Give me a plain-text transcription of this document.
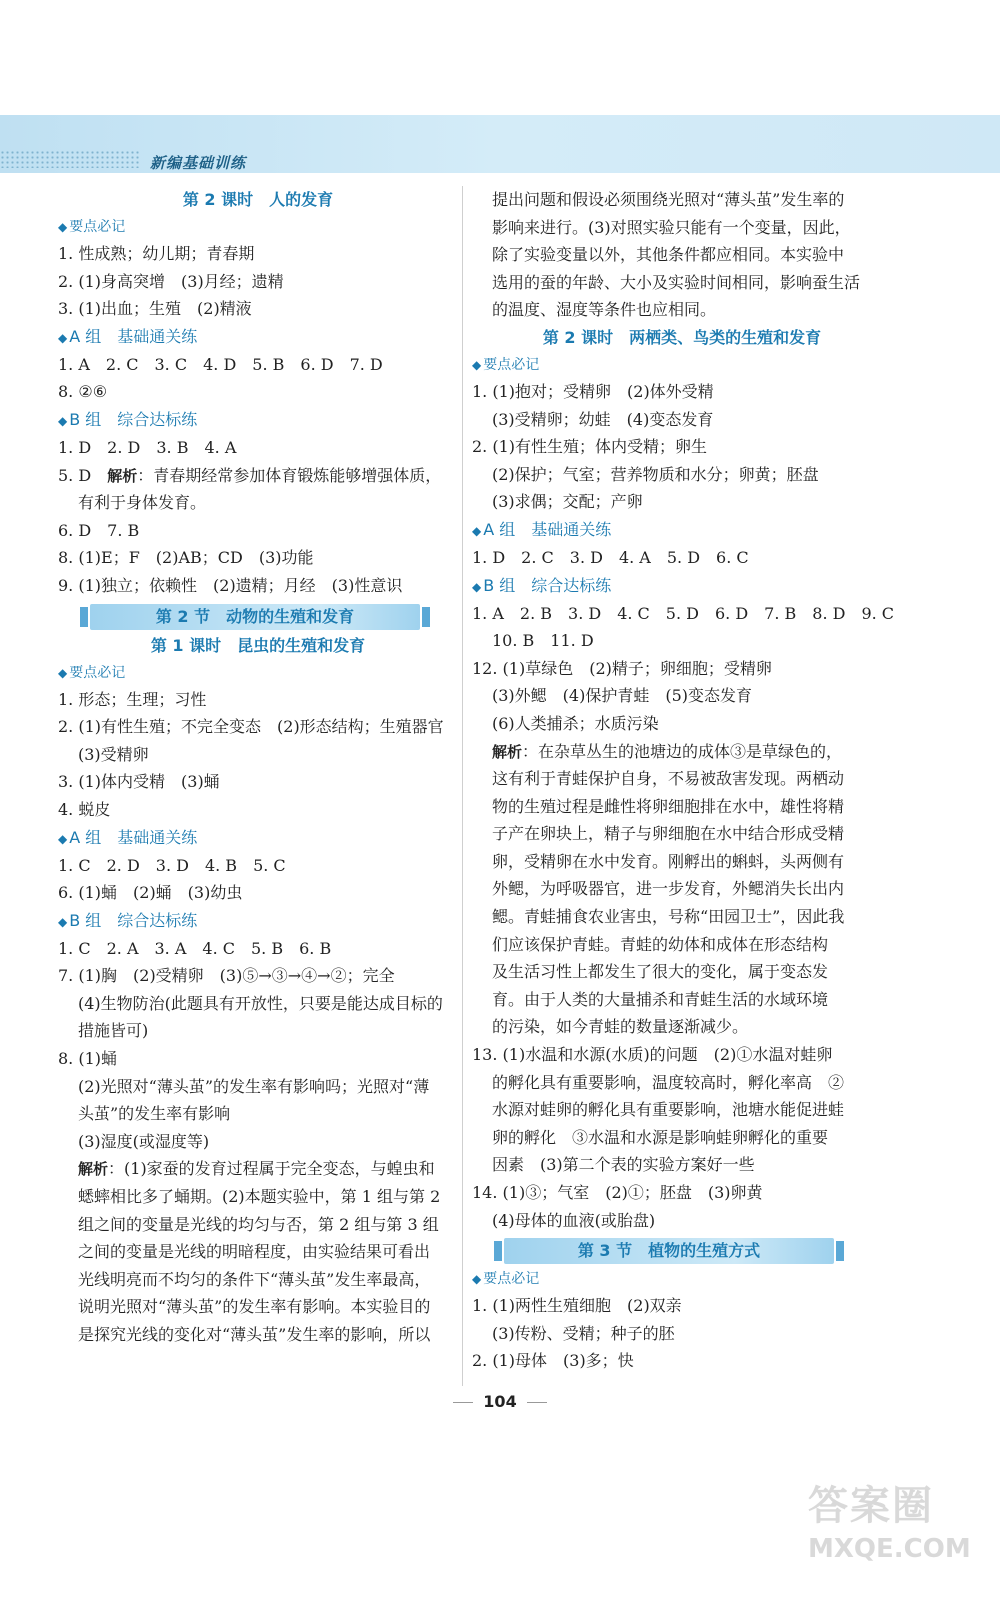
新编基础训练
第 2 课时　人的发育
◆ 要点必记
1. 性成熟；幼儿期；青春期
2. (1)身高突增　(3)月经；遗精
3. (1)出血；生殖　(2)精液
◆ A 组　基础通关练
1. A　2. C　3. C　4. D　5. B　6. D　7. D
8. ②⑥
◆ B 组　综合达标练
1. D　2. D　3. B　4. A
5. D　解析：青春期经常参加体育锻炼能够增强体质，
有利于身体发育。
6. D　7. B
8. (1)E；F　(2)AB；CD　(3)功能
9. (1)独立；依赖性　(2)遗精；月经　(3)性意识
第 2 节　动物的生殖和发育
第 1 课时　昆虫的生殖和发育
◆ 要点必记
1. 形态；生理；习性
2. (1)有性生殖；不完全变态　(2)形态结构；生殖器官
(3)受精卵
3. (1)体内受精　(3)蛹
4. 蜕皮
◆ A 组　基础通关练
1. C　2. D　3. D　4. B　5. C
6. (1)蛹　(2)蛹　(3)幼虫
◆ B 组　综合达标练
1. C　2. A　3. A　4. C　5. B　6. B
7. (1)胸　(2)受精卵　(3)⑤→③→④→②；完全
(4)生物防治(此题具有开放性，只要是能达成目标的
措施皆可)
8. (1)蛹
(2)光照对“薄头茧”的发生率有影响吗；光照对“薄
头茧”的发生率有影响
(3)湿度(或湿度等)
解析：(1)家蚕的发育过程属于完全变态，与蝗虫和
蟋蟀相比多了蛹期。(2)本题实验中，第 1 组与第 2
组之间的变量是光线的均匀与否，第 2 组与第 3 组
之间的变量是光线的明暗程度，由实验结果可看出
光线明亮而不均匀的条件下“薄头茧”发生率最高，
说明光照对“薄头茧”的发生率有影响。本实验目的
是探究光线的变化对“薄头茧”发生率的影响，所以
提出问题和假设必须围绕光照对“薄头茧”发生率的
影响来进行。(3)对照实验只能有一个变量，因此，
除了实验变量以外，其他条件都应相同。本实验中
选用的蚕的年龄、大小及实验时间相同，影响蚕生活
的温度、湿度等条件也应相同。
第 2 课时　两栖类、鸟类的生殖和发育
◆ 要点必记
1. (1)抱对；受精卵　(2)体外受精
(3)受精卵；幼蛙　(4)变态发育
2. (1)有性生殖；体内受精；卵生
(2)保护；气室；营养物质和水分；卵黄；胚盘
(3)求偶；交配；产卵
◆ A 组　基础通关练
1. D　2. C　3. D　4. A　5. D　6. C
◆ B 组　综合达标练
1. A　2. B　3. D　4. C　5. D　6. D　7. B　8. D　9. C
10. B　11. D
12. (1)草绿色　(2)精子；卵细胞；受精卵
(3)外鳃　(4)保护青蛙　(5)变态发育
(6)人类捕杀；水质污染
解析：在杂草丛生的池塘边的成体③是草绿色的，
这有利于青蛙保护自身，不易被敌害发现。两栖动
物的生殖过程是雌性将卵细胞排在水中，雄性将精
子产在卵块上，精子与卵细胞在水中结合形成受精
卵，受精卵在水中发育。刚孵出的蝌蚪，头两侧有
外鳃，为呼吸器官，进一步发育，外鳃消失长出内
鳃。青蛙捕食农业害虫，号称“田园卫士”，因此我
们应该保护青蛙。青蛙的幼体和成体在形态结构
及生活习性上都发生了很大的变化，属于变态发
育。由于人类的大量捕杀和青蛙生活的水域环境
的污染，如今青蛙的数量逐渐减少。
13. (1)水温和水源(水质)的问题　(2)①水温对蛙卵
的孵化具有重要影响，温度较高时，孵化率高　②
水源对蛙卵的孵化具有重要影响，池塘水能促进蛙
卵的孵化　③水温和水源是影响蛙卵孵化的重要
因素　(3)第二个表的实验方案好一些
14. (1)③；气室　(2)①；胚盘　(3)卵黄
(4)母体的血液(或胎盘)
第 3 节　植物的生殖方式
◆ 要点必记
1. (1)两性生殖细胞　(2)双亲
(3)传粉、受精；种子的胚
2. (1)母体　(3)多；快
104
答案圈
MXQE.COM
